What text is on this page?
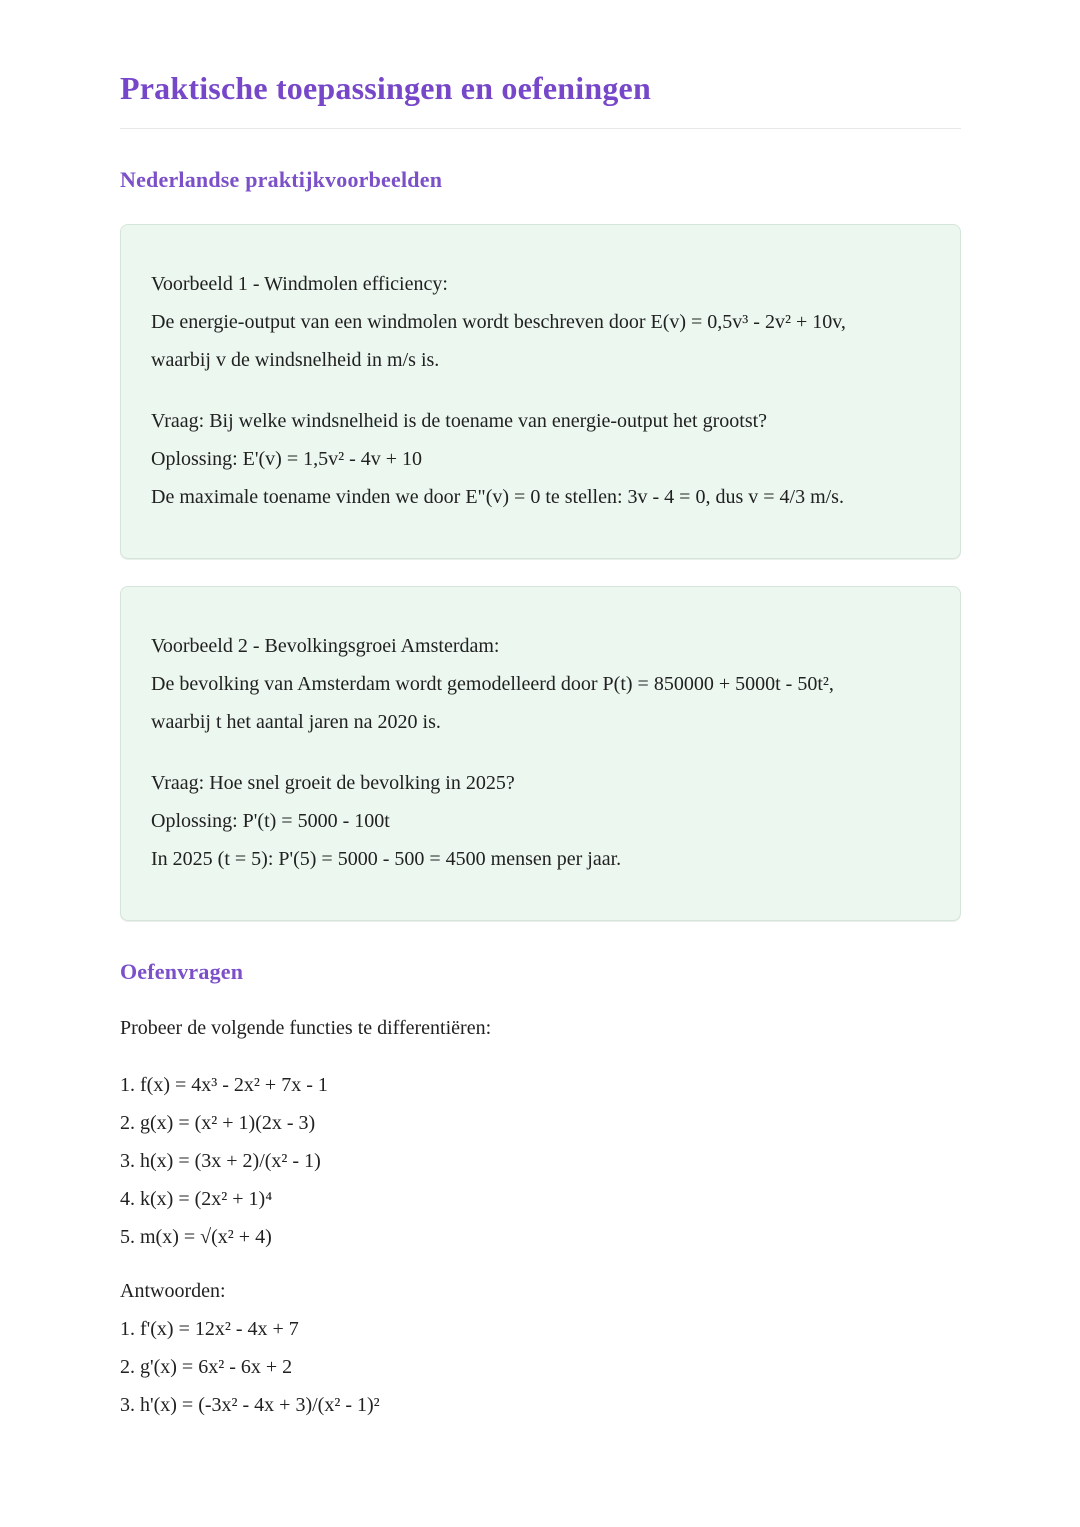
Praktische toepassingen en oefeningen
Nederlandse praktijkvoorbeelden

Voorbeeld 1 - Windmolen efficiency:
De energie-output van een windmolen wordt beschreven door E(v) = 0,5v³ - 2v² + 10v,
waarbij v de windsnelheid in m/s is.

Vraag: Bij welke windsnelheid is de toename van energie-output het grootst?
Oplossing: E'(v) = 1,5v² - 4v + 10
De maximale toename vinden we door E"(v) = 0 te stellen: 3v - 4 = 0, dus v = 4/3 m/s.

Voorbeeld 2 - Bevolkingsgroei Amsterdam:
De bevolking van Amsterdam wordt gemodelleerd door P(t) = 850000 + 5000t - 50t²,
waarbij t het aantal jaren na 2020 is.

Vraag: Hoe snel groeit de bevolking in 2025?
Oplossing: P'(t) = 5000 - 100t
In 2025 (t = 5): P'(5) = 5000 - 500 = 4500 mensen per jaar.

Oefenvragen

Probeer de volgende functies te differentiëren:

1. f(x) = 4x³ - 2x² + 7x - 1
2. g(x) = (x² + 1)(2x - 3)
3. h(x) = (3x + 2)/(x² - 1)
4. k(x) = (2x² + 1)⁴
5. m(x) = √(x² + 4)

Antwoorden:

1. f'(x) = 12x² - 4x + 7
2. g'(x) = 6x² - 6x + 2
3. h'(x) = (-3x² - 4x + 3)/(x² - 1)²
